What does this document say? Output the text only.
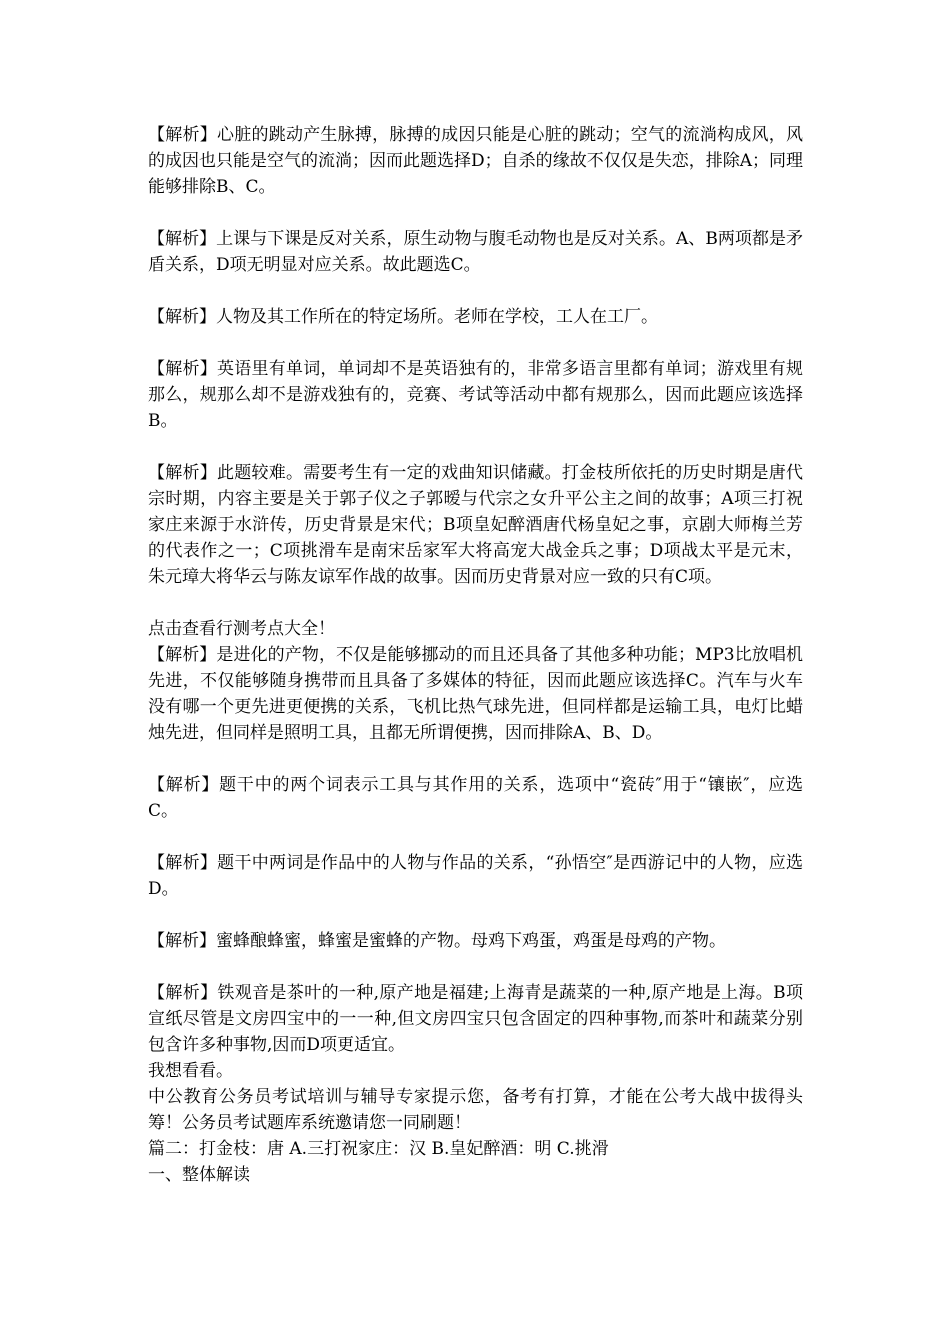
【解析】心脏的跳动产生脉搏，脉搏的成因只能是心脏的跳动；空气的流淌构成风，风的成因也只能是空气的流淌；因而此题选择D；自杀的缘故不仅仅是失恋，排除A；同理能够排除B、C。

【解析】上课与下课是反对关系，原生动物与腹毛动物也是反对关系。A、B两项都是矛盾关系，D项无明显对应关系。故此题选C。

【解析】人物及其工作所在的特定场所。老师在学校，工人在工厂。

【解析】英语里有单词，单词却不是英语独有的，非常多语言里都有单词；游戏里有规那么，规那么却不是游戏独有的，竞赛、考试等活动中都有规那么，因而此题应该选择B。

【解析】此题较难。需要考生有一定的戏曲知识储藏。打金枝所依托的历史时期是唐代宗时期，内容主要是关于郭子仪之子郭暧与代宗之女升平公主之间的故事；A项三打祝家庄来源于水浒传，历史背景是宋代；B项皇妃醉酒唐代杨皇妃之事，京剧大师梅兰芳的代表作之一；C项挑滑车是南宋岳家军大将高宠大战金兵之事；D项战太平是元末，朱元璋大将华云与陈友谅军作战的故事。因而历史背景对应一致的只有C项。

点击查看行测考点大全！

【解析】是进化的产物，不仅是能够挪动的而且还具备了其他多种功能；MP3比放唱机先进，不仅能够随身携带而且具备了多媒体的特征，因而此题应该选择C。汽车与火车没有哪一个更先进更便携的关系，飞机比热气球先进，但同样都是运输工具，电灯比蜡烛先进，但同样是照明工具，且都无所谓便携，因而排除A、B、D。

【解析】题干中的两个词表示工具与其作用的关系，选项中“瓷砖″用于“镶嵌″，应选C。

【解析】题干中两词是作品中的人物与作品的关系，“孙悟空″是西游记中的人物，应选D。

【解析】蜜蜂酿蜂蜜，蜂蜜是蜜蜂的产物。母鸡下鸡蛋，鸡蛋是母鸡的产物。

【解析】铁观音是茶叶的一种,原产地是福建;上海青是蔬菜的一种,原产地是上海。B项宣纸尽管是文房四宝中的一一种,但文房四宝只包含固定的四种事物,而茶叶和蔬菜分别包含许多种事物,因而D项更适宜。

我想看看。

中公教育公务员考试培训与辅导专家提示您，备考有打算，才能在公考大战中拔得头筹！公务员考试题库系统邀请您一同刷题！

篇二：打金枝：唐 A.三打祝家庄：汉 B.皇妃醉酒：明 C.挑滑

一、整体解读
